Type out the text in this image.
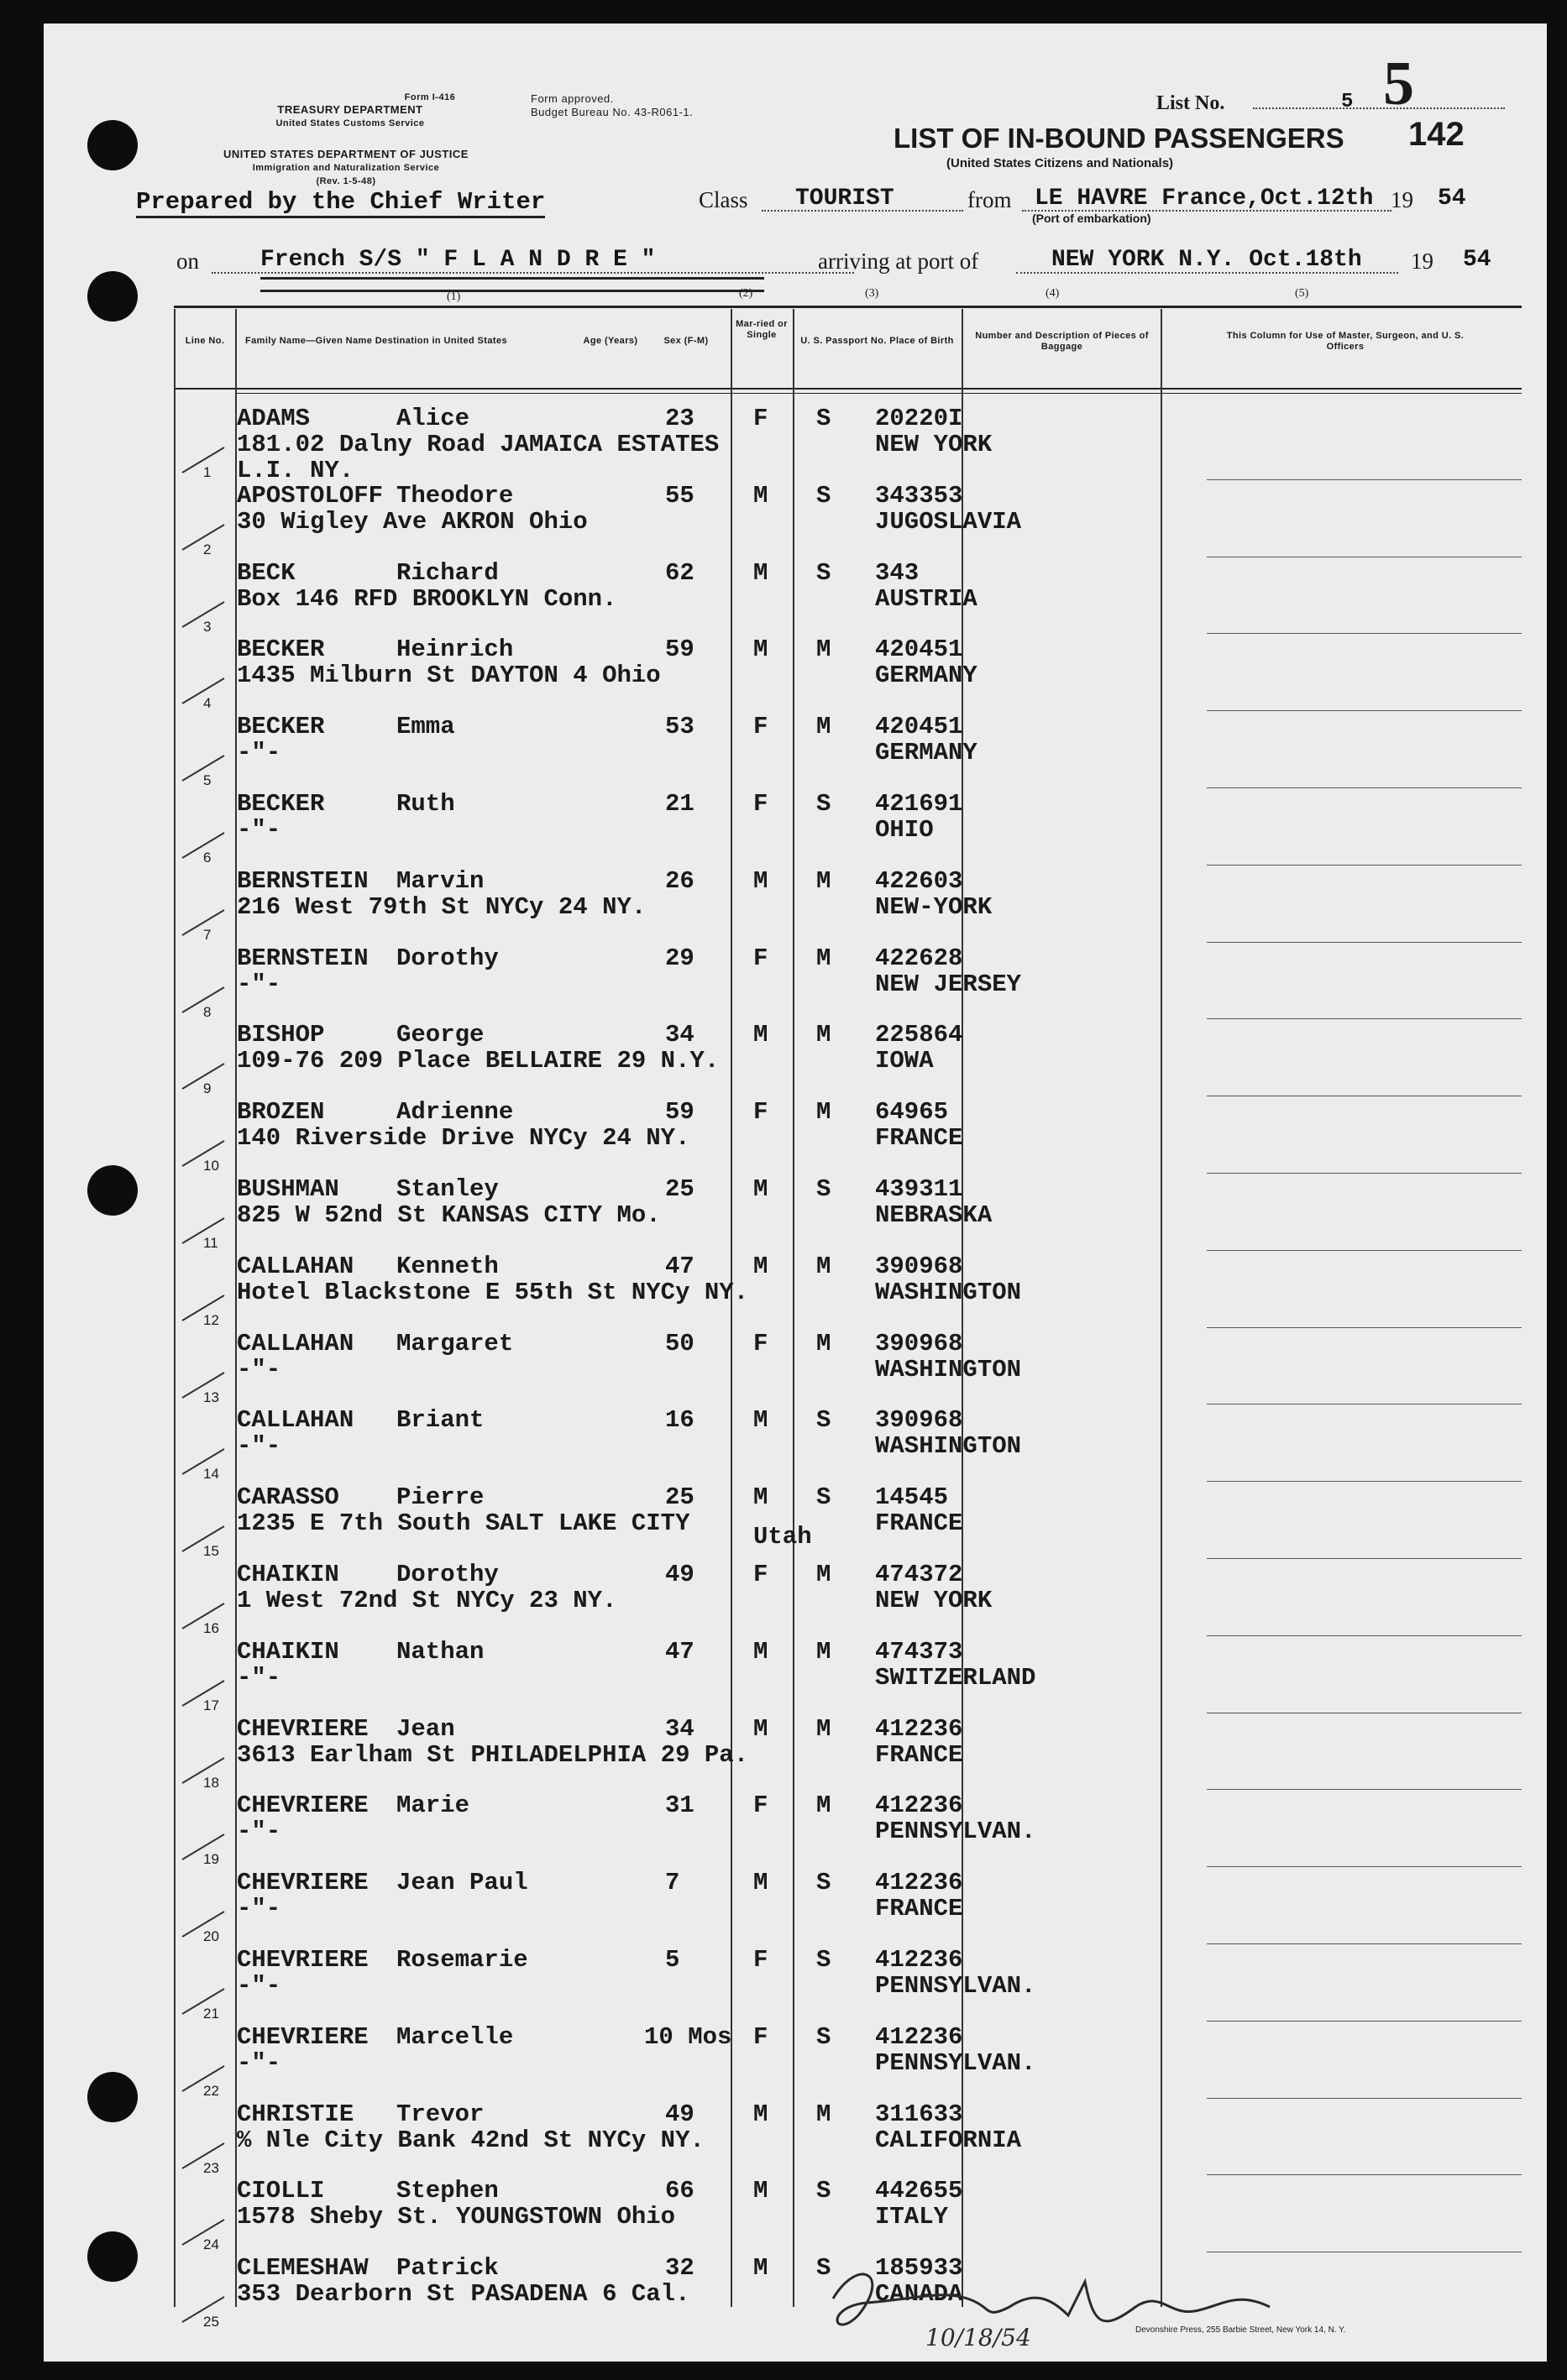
Form I-416
TREASURY DEPARTMENT
United States Customs Service
UNITED STATES DEPARTMENT OF JUSTICE
Immigration and Naturalization Service
(Rev. 1-5-48)
Form approved.
Budget Bureau No. 43-R061-1.	List No.	5 5
142
LIST OF IN-BOUND PASSENGERS
(United States Citizens and Nationals)
Prepared by the Chief Writer	Class TOURIST	from LE HAVRE France,Oct.12th 19 54
(Port of embarkation)
on	French S/S " F L A N D R E "	arriving at port of	NEW YORK N.Y. Oct.18th 19 54
(1)	(2)	(3)	(4)	(5)
Line No.	Family Name—Given Name Destination in United States	Age (Years)	Sex (F-M)
Mar-ried or Single
U. S. Passport No. Place of Birth	Number and Description of Pieces of Baggage
This Column for Use of Master, Surgeon, and U. S. Officers
ADAMS	Alice	23 F S 20220I
181.02 Dalny Road JAMAICA ESTATES	NEW YORK
L.I. NY.
1
APOSTOLOFF Theodore	55 M S 343353
30 Wigley Ave AKRON Ohio	JUGOSLAVIA
2
BECK	Richard	62 M S 343
Box 146 RFD BROOKLYN Conn.	AUSTRIA
3
BECKER	Heinrich	59 M M 420451
1435 Milburn St DAYTON 4 Ohio	GERMANY
4
BECKER	Emma	53 F M 420451
-"-	GERMANY
5
BECKER	Ruth	21 F S 421691
-"-	OHIO
6
BERNSTEIN Marvin	26 M M 422603
216 West 79th St NYCy 24 NY.	NEW-YORK
7
BERNSTEIN Dorothy	29 F M 422628
-"-	NEW JERSEY
8
BISHOP	George	34 M M 225864
109-76 209 Place BELLAIRE 29 N.Y.	IOWA
9
BROZEN	Adrienne	59 F M 64965
140 Riverside Drive NYCy 24 NY.	FRANCE
10
BUSHMAN Stanley	25 M S 439311
825 W 52nd St KANSAS CITY Mo.	NEBRASKA
11
CALLAHAN Kenneth	47 M M 390968
Hotel Blackstone E 55th St NYCy NY.	WASHINGTON
12
CALLAHAN Margaret	50 F M 390968
-"-	WASHINGTON
13
CALLAHAN Briant	16 M S 390968
-"-	WASHINGTON
14
CARASSO Pierre	25 M S 14545
1235 E 7th South SALT LAKE CITY	FRANCE
Utah
15
CHAIKIN Dorothy	49 F M 474372
1 West 72nd St NYCy 23 NY.	NEW YORK
16
CHAIKIN Nathan	47 M M 474373
-"-	SWITZERLAND
17
CHEVRIERE Jean	34 M M 412236
3613 Earlham St PHILADELPHIA 29 Pa.	FRANCE
18
CHEVRIERE Marie	31 F M 412236
-"-	PENNSYLVAN.
19
CHEVRIERE Jean Paul	7	M S 412236
-"-	FRANCE
20
CHEVRIERE Rosemarie	5	F S 412236
-"-	PENNSYLVAN.
21
CHEVRIERE Marcelle	10 Mos F S 412236
-"-	PENNSYLVAN.
22
CHRISTIE Trevor	49 M M 311633
% Nle City Bank 42nd St NYCy NY.	CALIFORNIA
23
CIOLLI	Stephen	66 M S 442655
1578 Sheby St. YOUNGSTOWN Ohio	ITALY
24
CLEMESHAW Patrick	32 M S 185933
353 Dearborn St PASADENA 6 Cal.	CANADA
25
10/18/54	Devonshire Press, 255 Barbie Street, New York 14, N. Y.
